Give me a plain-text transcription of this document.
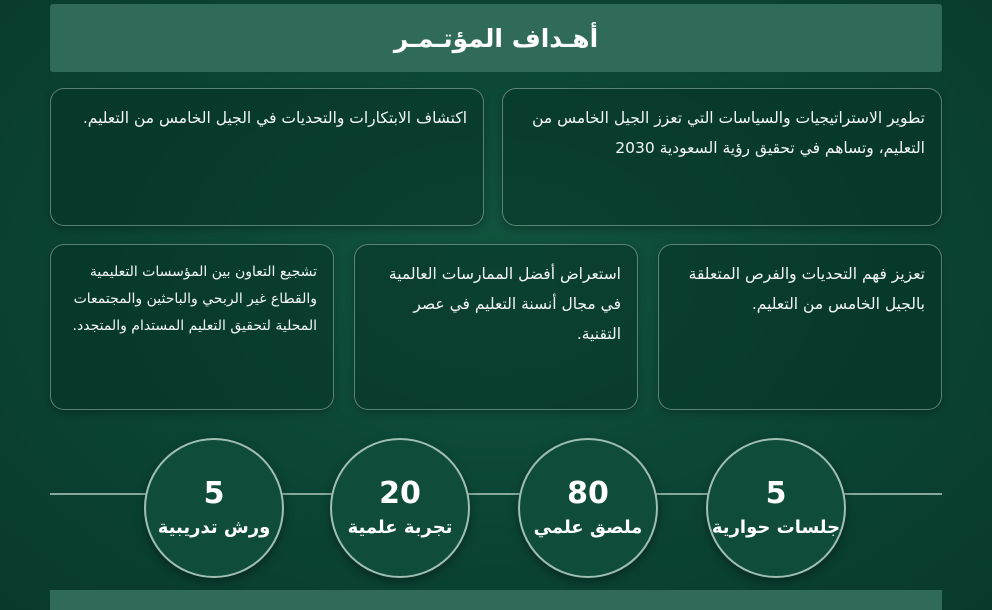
أهـداف المؤتـمـر
تطوير الاستراتيجيات والسياسات التي تعزز الجيل الخامس من التعليم، وتساهم في تحقيق رؤية السعودية 2030
اكتشاف الابتكارات والتحديات في الجيل الخامس من التعليم.
تعزيز فهم التحديات والفرص المتعلقة بالجيل الخامس من التعليم.
استعراض أفضل الممارسات العالمية في مجال أنسنة التعليم في عصر التقنية.
تشجيع التعاون بين المؤسسات التعليمية والقطاع غير الربحي والباحثين والمجتمعات المحلية لتحقيق التعليم المستدام والمتجدد.
5
جلسات حوارية
80
ملصق علمي
20
تجربة علمية
5
ورش تدريبية
